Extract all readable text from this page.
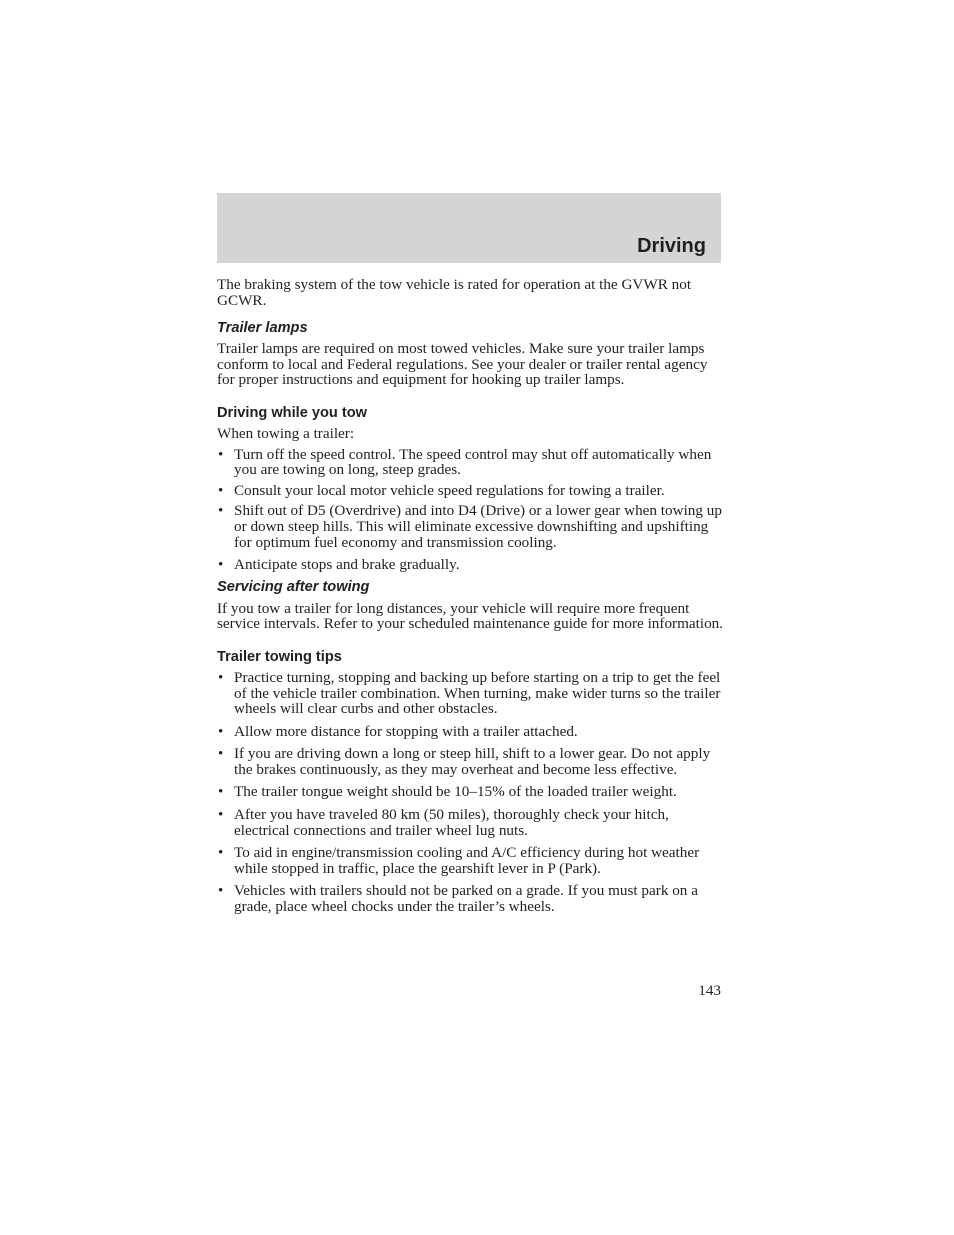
Driving

The braking system of the tow vehicle is rated for operation at the GVWR not GCWR.

Trailer lamps

Trailer lamps are required on most towed vehicles. Make sure your trailer lamps conform to local and Federal regulations. See your dealer or trailer rental agency for proper instructions and equipment for hooking up trailer lamps.

Driving while you tow

When towing a trailer:

• Turn off the speed control. The speed control may shut off automatically when you are towing on long, steep grades.
• Consult your local motor vehicle speed regulations for towing a trailer.
• Shift out of D5 (Overdrive) and into D4 (Drive) or a lower gear when towing up or down steep hills. This will eliminate excessive downshifting and upshifting for optimum fuel economy and transmission cooling.
• Anticipate stops and brake gradually.
Servicing after towing

If you tow a trailer for long distances, your vehicle will require more frequent service intervals. Refer to your scheduled maintenance guide for more information.

Trailer towing tips
• Practice turning, stopping and backing up before starting on a trip to get the feel of the vehicle trailer combination. When turning, make wider turns so the trailer wheels will clear curbs and other obstacles.
• Allow more distance for stopping with a trailer attached.
• If you are driving down a long or steep hill, shift to a lower gear. Do not apply the brakes continuously, as they may overheat and become less effective.
• The trailer tongue weight should be 10–15% of the loaded trailer weight.
• After you have traveled 80 km (50 miles), thoroughly check your hitch, electrical connections and trailer wheel lug nuts.
• To aid in engine/transmission cooling and A/C efficiency during hot weather while stopped in traffic, place the gearshift lever in P (Park).
• Vehicles with trailers should not be parked on a grade. If you must park on a grade, place wheel chocks under the trailer’s wheels.

143
